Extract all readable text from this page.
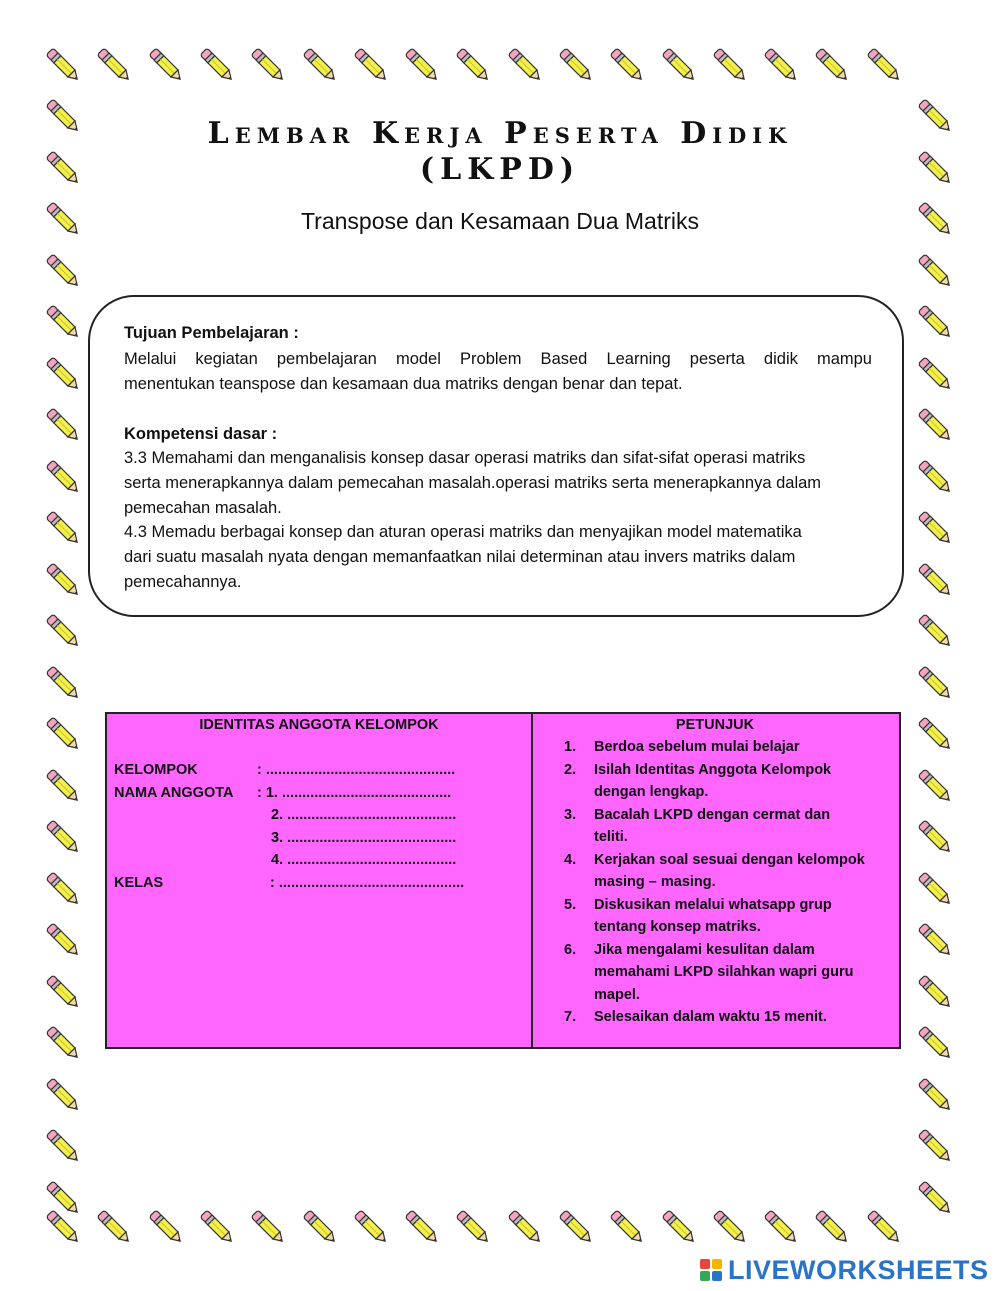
Lembar Kerja Peserta Didik
(LKPD)
Transpose dan Kesamaan Dua Matriks
Tujuan Pembelajaran :
Melalui kegiatan pembelajaran model Problem Based Learning peserta didik mampu
menentukan teanspose dan kesamaan dua matriks dengan benar dan tepat.
Kompetensi dasar :
3.3 Memahami dan menganalisis konsep dasar operasi matriks dan sifat-sifat operasi matriks
serta menerapkannya dalam pemecahan masalah.operasi matriks serta menerapkannya dalam
pemecahan masalah.
4.3 Memadu berbagai konsep dan aturan operasi matriks dan menyajikan model matematika
dari suatu masalah nyata dengan memanfaatkan nilai determinan atau invers matriks dalam
pemecahannya.
IDENTITAS ANGGOTA KELOMPOK
KELOMPOK	: ...............................................
NAMA ANGGOTA : 1. ..........................................
2. ..........................................
3. ..........................................
4. ..........................................
KELAS	: ..............................................
PETUNJUK
1. Berdoa sebelum mulai belajar
2. Isilah Identitas Anggota Kelompok
dengan lengkap.
3. Bacalah LKPD dengan cermat dan
teliti.
4. Kerjakan soal sesuai dengan kelompok
masing – masing.
5. Diskusikan melalui whatsapp grup
tentang konsep matriks.
6. Jika mengalami kesulitan dalam
memahami LKPD silahkan wapri guru
mapel.
7. Selesaikan dalam waktu 15 menit.
LIVEWORKSHEETS
